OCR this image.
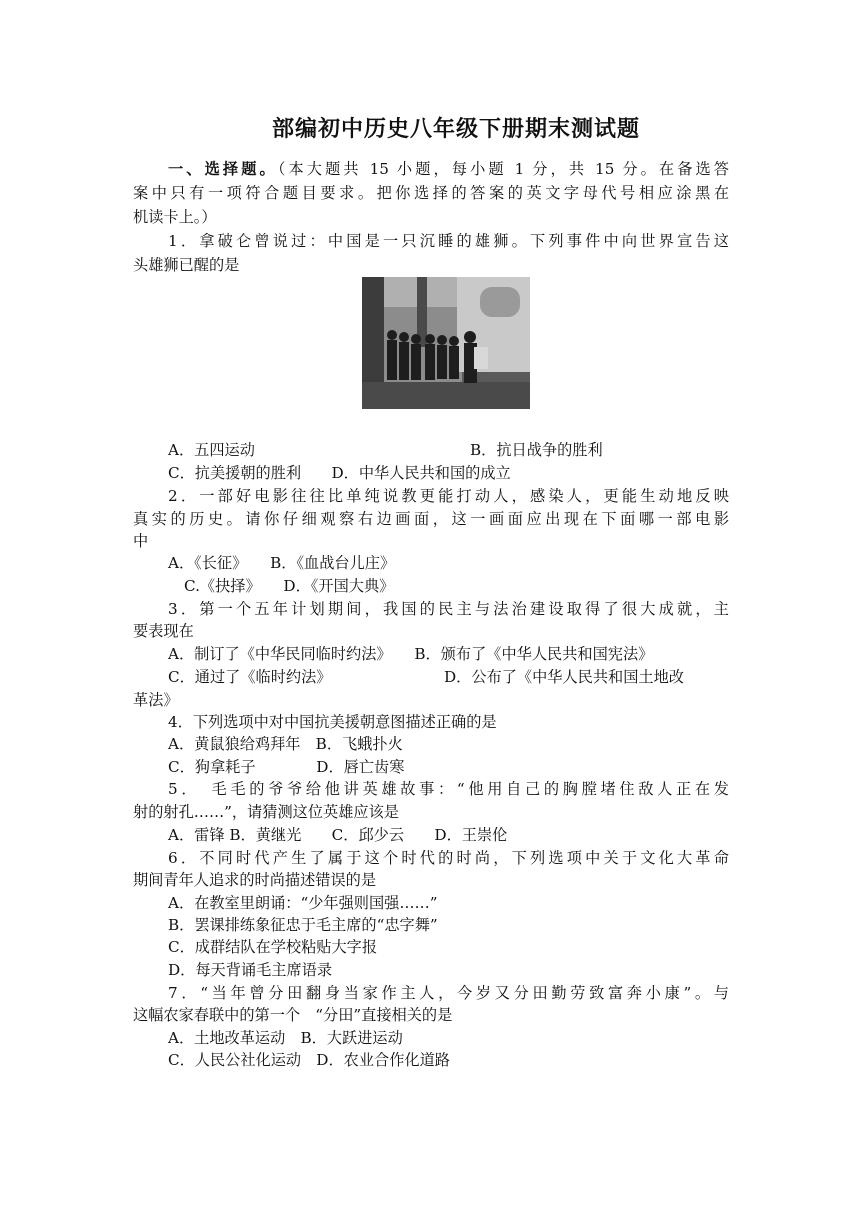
部编初中历史八年级下册期末测试题
一、选择题。（本大题共 15 小题，每小题 1 分，共 15 分。在备选答
案中只有一项符合题目要求。把你选择的答案的英文字母代号相应涂黑在
机读卡上。）
1．拿破仑曾说过：中国是一只沉睡的雄狮。下列事件中向世界宣告这
头雄狮已醒的是
A．五四运动	B．抗日战争的胜利
C．抗美援朝的胜利　　D．中华人民共和国的成立
2．一部好电影往往比单纯说教更能打动人，感染人，更能生动地反映
真实的历史。请你仔细观察右边画面，这一画面应出现在下面哪一部电影
中
A．《长征》　　B．《血战台儿庄》
C.《抉择》　　D．《开国大典》
3．第一个五年计划期间，我国的民主与法治建设取得了很大成就，主
要表现在
A．制订了《中华民同临时约法》　　B．颁布了《中华人民共和国宪法》
C．通过了《临时约法》	D．公布了《中华人民共和国土地改
革法》
4．下列选项中对中国抗美援朝意图描述正确的是
A．黄鼠狼给鸡拜年　B．飞蛾扑火
C．狗拿耗子　　　　D．唇亡齿寒
5．　毛毛的爷爷给他讲英雄故事：“他用自己的胸膛堵住敌人正在发
射的射孔……”，请猜测这位英雄应该是
A．雷锋 B．黄继光　　C．邱少云　　D．王崇伦
6．不同时代产生了属于这个时代的时尚，下列选项中关于文化大革命
期间青年人追求的时尚描述错误的是
A．在教室里朗诵：“少年强则国强……”
B．罢课排练象征忠于毛主席的“忠字舞”
C．成群结队在学校粘贴大字报
D．每天背诵毛主席语录
7．“当年曾分田翻身当家作主人，今岁又分田勤劳致富奔小康”。与
这幅农家春联中的第一个　“分田”直接相关的是
A．土地改革运动　B．大跃进运动
C．人民公社化运动　D．农业合作化道路
